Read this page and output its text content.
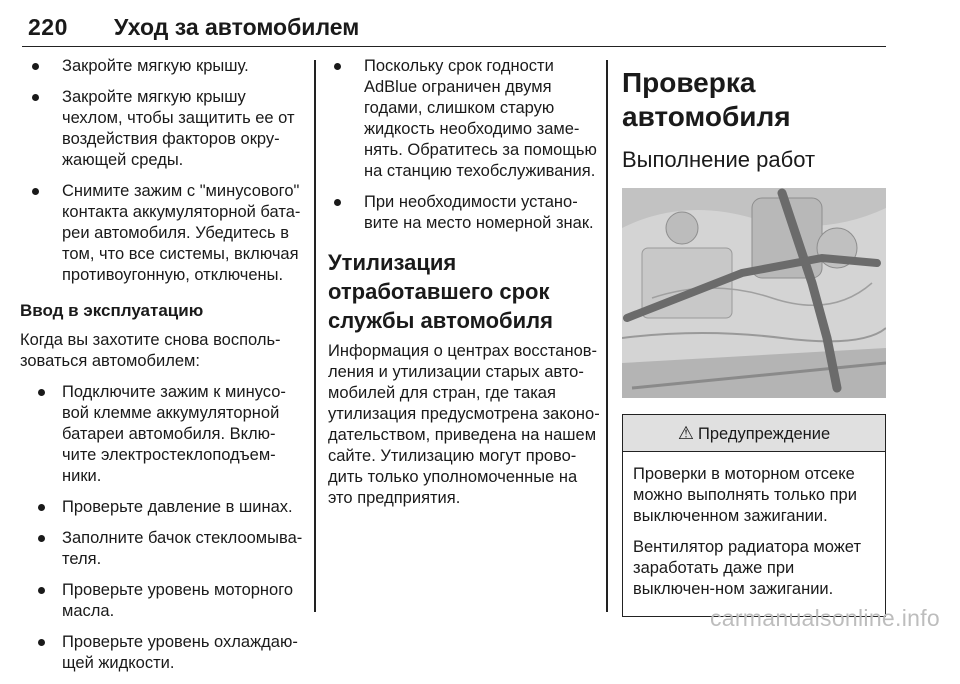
220 Уход за автомобилем
Закройте мягкую крышу.
Закройте мягкую крышу чехлом, чтобы защитить ее от воздействия факторов окру-жающей среды.
Снимите зажим с "минусового" контакта аккумуляторной бата-реи автомобиля. Убедитесь в том, что все системы, включая противоугонную, отключены.
Ввод в эксплуатацию

Когда вы захотите снова восполь-зоваться автомобилем:

Подключите зажим к минусо-вой клемме аккумуляторной батареи автомобиля. Вклю-чите электростеклоподъем-ники.
Проверьте давление в шинах.
Заполните бачок стеклоомыва-теля.
Проверьте уровень моторного масла.
Проверьте уровень охлаждаю-щей жидкости.
Поскольку срок годности AdBlue ограничен двумя годами, слишком старую жидкость необходимо заме-нять. Обратитесь за помощью на станцию техобслуживания.
При необходимости устано-вите на место номерной знак.
Утилизация отработавшего срок службы автомобиля

Информация о центрах восстанов-ления и утилизации старых авто-мобилей для стран, где такая утилизация предусмотрена законо-дательством, приведена на нашем сайте. Утилизацию могут прово-дить только уполномоченные на это предприятия.

Проверка автомобиля
Выполнение работ
⚠ Предупреждение

Проверки в моторном отсеке можно выполнять только при выключенном зажигании.

Вентилятор радиатора может заработать даже при выключен-ном зажигании.

carmanualsonline.info
